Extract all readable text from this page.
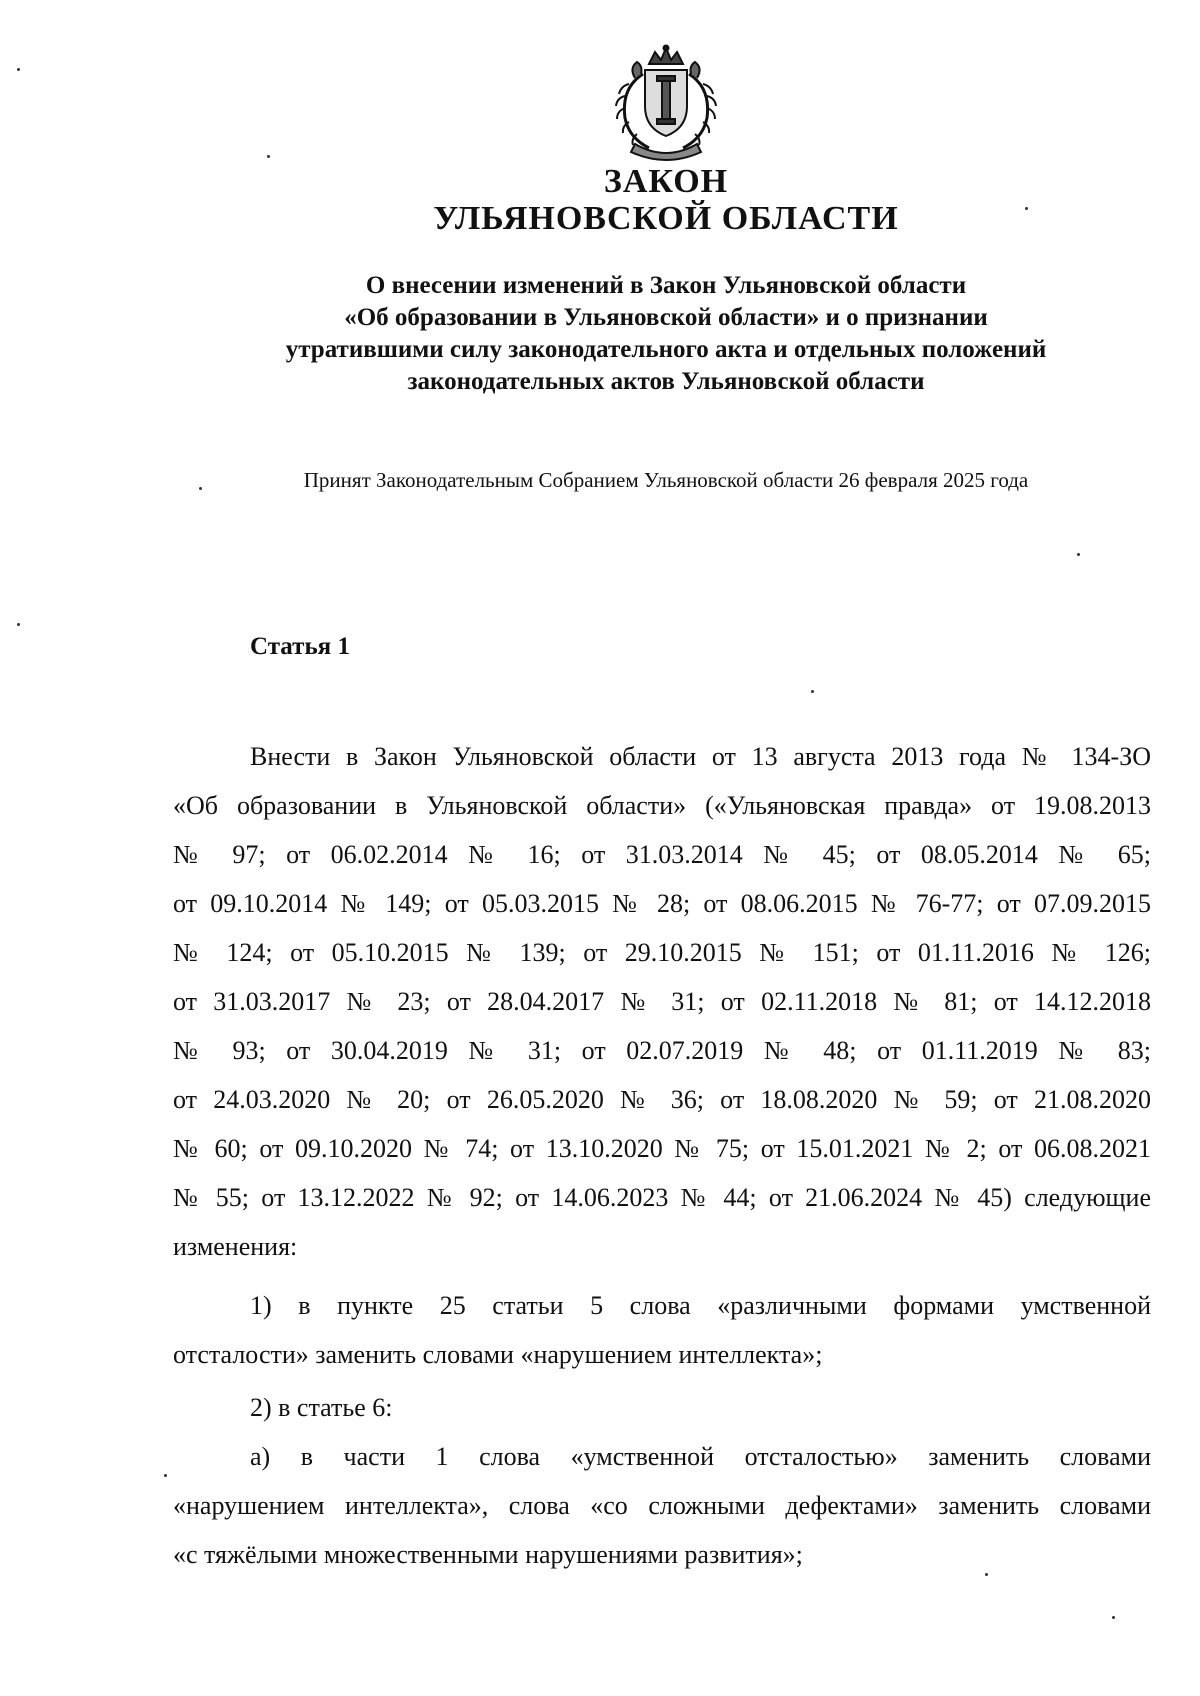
ЗАКОН
УЛЬЯНОВСКОЙ ОБЛАСТИ

О внесении изменений в Закон Ульяновской области
«Об образовании в Ульяновской области» и о признании
утратившими силу законодательного акта и отдельных положений
законодательных актов Ульяновской области

Принят Законодательным Собранием Ульяновской области 26 февраля 2025 года

Статья 1
Внести в Закон Ульяновской области от 13 августа 2013 года № 134-ЗО
«Об образовании в Ульяновской области» («Ульяновская правда» от 19.08.2013
№ 97; от 06.02.2014 № 16; от 31.03.2014 № 45; от 08.05.2014 № 65;
от 09.10.2014 № 149; от 05.03.2015 № 28; от 08.06.2015 № 76-77; от 07.09.2015
№ 124; от 05.10.2015 № 139; от 29.10.2015 № 151; от 01.11.2016 № 126;
от 31.03.2017 № 23; от 28.04.2017 № 31; от 02.11.2018 № 81; от 14.12.2018
№ 93; от 30.04.2019 № 31; от 02.07.2019 № 48; от 01.11.2019 № 83;
от 24.03.2020 № 20; от 26.05.2020 № 36; от 18.08.2020 № 59; от 21.08.2020
№ 60; от 09.10.2020 № 74; от 13.10.2020 № 75; от 15.01.2021 № 2; от 06.08.2021
№ 55; от 13.12.2022 № 92; от 14.06.2023 № 44; от 21.06.2024 № 45) следующие
изменения:
1) в пункте 25 статьи 5 слова «различными формами умственной
отсталости» заменить словами «нарушением интеллекта»;
2) в статье 6:
а) в части 1 слова «умственной отсталостью» заменить словами
«нарушением интеллекта», слова «со сложными дефектами» заменить словами
«с тяжёлыми множественными нарушениями развития»;
